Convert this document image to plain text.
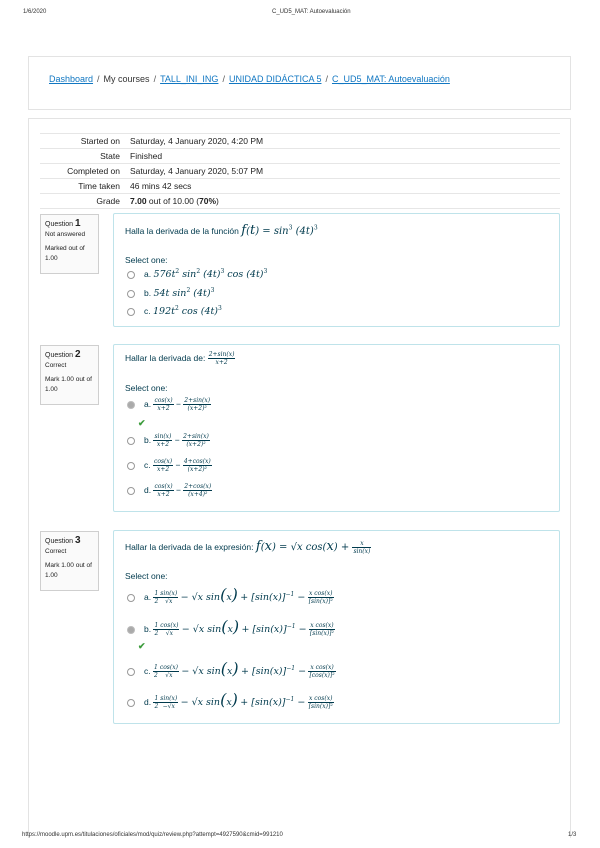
1/6/2020	C_UD5_MAT: Autoevaluación
Dashboard / My courses / TALL_INI_ING / UNIDAD DIDÁCTICA 5 / C_UD5_MAT: Autoevaluación
Started on Saturday, 4 January 2020, 4:20 PM
State Finished
Completed on Saturday, 4 January 2020, 5:07 PM
Time taken 46 mins 42 secs
Grade 7.00 out of 10.00 (70%)
Question 1
Not answered
Marked out of 1.00
Halla la derivada de la función $f(t) = \sin^3 (4t)^3$
Select one:
a. $576t^2$ $\sin^2 (4t)^3$ $\cos (4t)^3$
b. 54t $\sin^2 (4t)^3$
c. $192t^2$ $\cos (4t)^3$
Question 2
Correct
Mark 1.00 out of 1.00
Hallar la derivada de: $\frac{2+\sin(x)}{x+2}$
Select one:
a. $\frac{\cos(x)}{x+2} - \frac{2+\sin(x)}{\text{(x+2)²}}$
✔
b. $\frac{\sin(x)}{x+2} - \frac{2+\sin(x)}{\text{(x+2)²}}$
c. $\frac{\cos(x)}{x+2} - \frac{4+\cos(x)}{\text{(x+2)²}}$
d. $\frac{\cos(x)}{x+2} - \frac{2+\cos(x)}{\text{(x+4)²}}$
Question 3
Correct
Mark 1.00 out of 1.00
Hallar la derivada de la expresión: f(x) = √x $\cos(x) + \frac{x}{\sin(x)}$
Select one:
a. $\frac{1}{2} \frac{\sin(x)}{√x} - √x$ $\sin(x) + [\sin(x)]^{-1} - \frac{\text{x cos(x)}}{\text{[sin(x)]²}}$
b. $\frac{1}{2} \frac{\cos(x)}{√x} - √x$ $\sin(x) + [\sin(x)]^{-1} - \frac{\text{x cos(x)}}{\text{[sin(x)]²}}$
✔
c. $\frac{1}{2} \frac{\cos(x)}{√x} - √x$ $\sin(x) + [\sin(x)]^{-1} - \frac{\text{x cos(x)}}{\text{[cos(x)]²}}$
d. $\frac{1}{2} \frac{\sin(x)}{-√x} - √x$ $\sin(x) + [\sin(x)]^{-1} - \frac{\text{x cos(x)}}{\text{[sin(x)]²}}$
https://moodle.upm.es/titulaciones/oficiales/mod/quiz/review.php?attempt=4927590&cmid=991210	1/3
